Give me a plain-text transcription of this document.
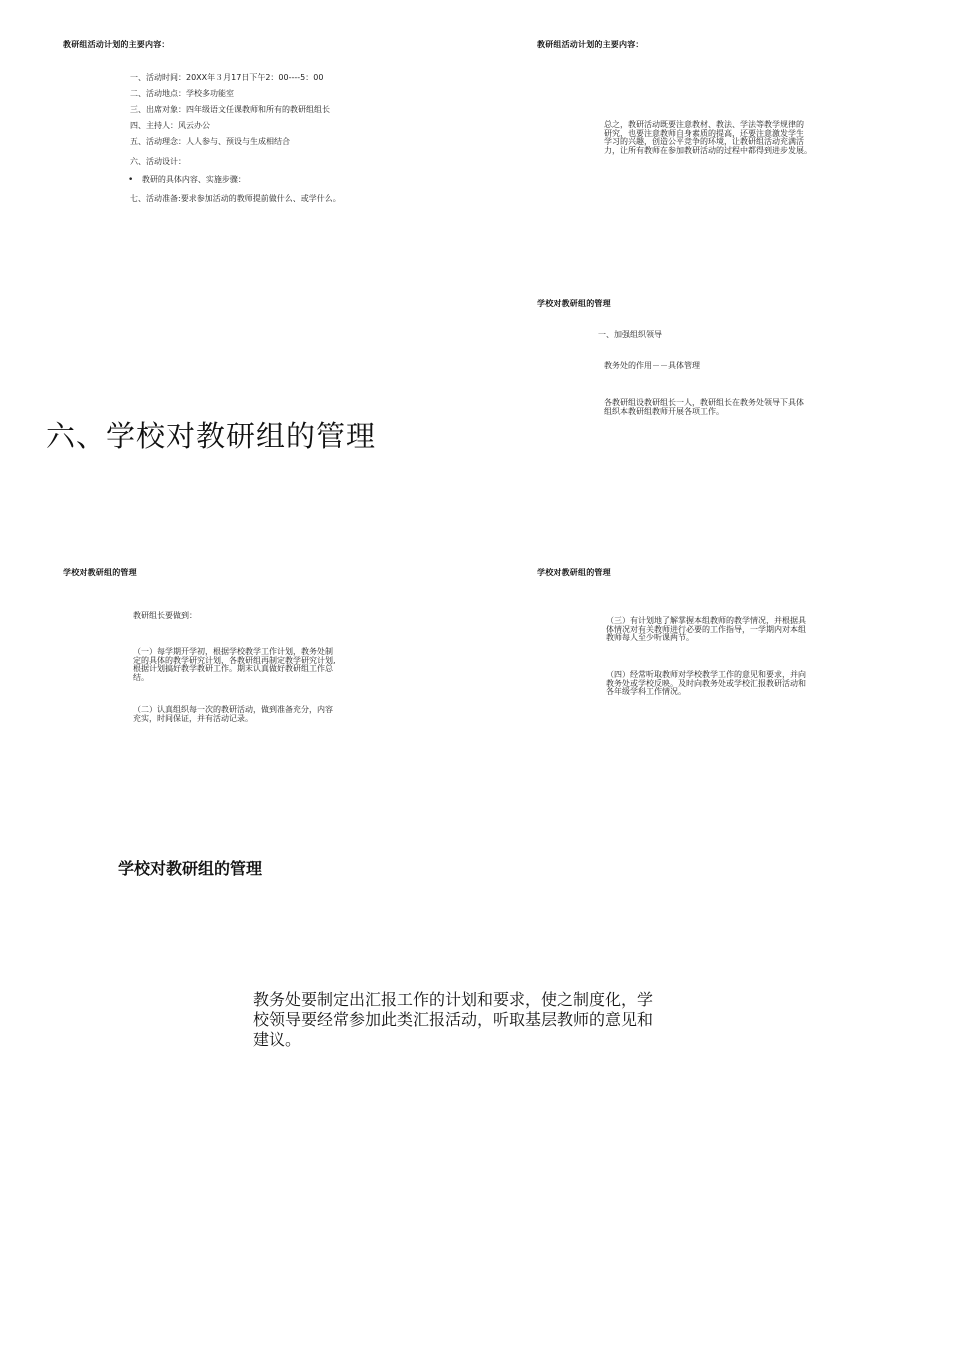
教研组活动计划的主要内容：
一、活动时间：20XX年３月17日下午2：00----5：00
二、活动地点：学校多功能室
三、出席对象：四年级语文任课教师和所有的教研组组长
四、主持人：风云办公
五、活动理念：人人参与、预设与生成相结合
六、活动设计：
• 教研的具体内容、实施步骤：
七、活动准备:要求参加活动的教师提前做什么、或学什么。
教研组活动计划的主要内容：
总之，教研活动既要注意教材、教法、学法等教学规律的
研究，也要注意教师自身素质的提高，还要注意激发学生
学习的兴趣，创造公平竞争的环境，让教研组活动充满活
力，让所有教师在参加教研活动的过程中都得到进步发展。
六、学校对教研组的管理
学校对教研组的管理
一、加强组织领导
教务处的作用－－具体管理
各教研组设教研组长一人，教研组长在教务处领导下具体
组织本教研组教师开展各项工作。
学校对教研组的管理
教研组长要做到：
（一）每学期开学初，根据学校教学工作计划，教务处制
定的具体的教学研究计划，各教研组再制定教学研究计划,
根据计划搞好教学教研工作。期末认真做好教研组工作总
结。
（二）认真组织每一次的教研活动，做到准备充分，内容
充实，时间保证，并有活动记录。
学校对教研组的管理
（三）有计划地了解掌握本组教师的教学情况，并根据具
体情况对有关教师进行必要的工作指导，一学期内对本组
教师每人至少听课两节。
（四）经常听取教师对学校教学工作的意见和要求，并向
教务处或学校反映。及时向教务处或学校汇报教研活动和
各年级学科工作情况。
学校对教研组的管理
教务处要制定出汇报工作的计划和要求，使之制度化，学
校领导要经常参加此类汇报活动，听取基层教师的意见和
建议。
